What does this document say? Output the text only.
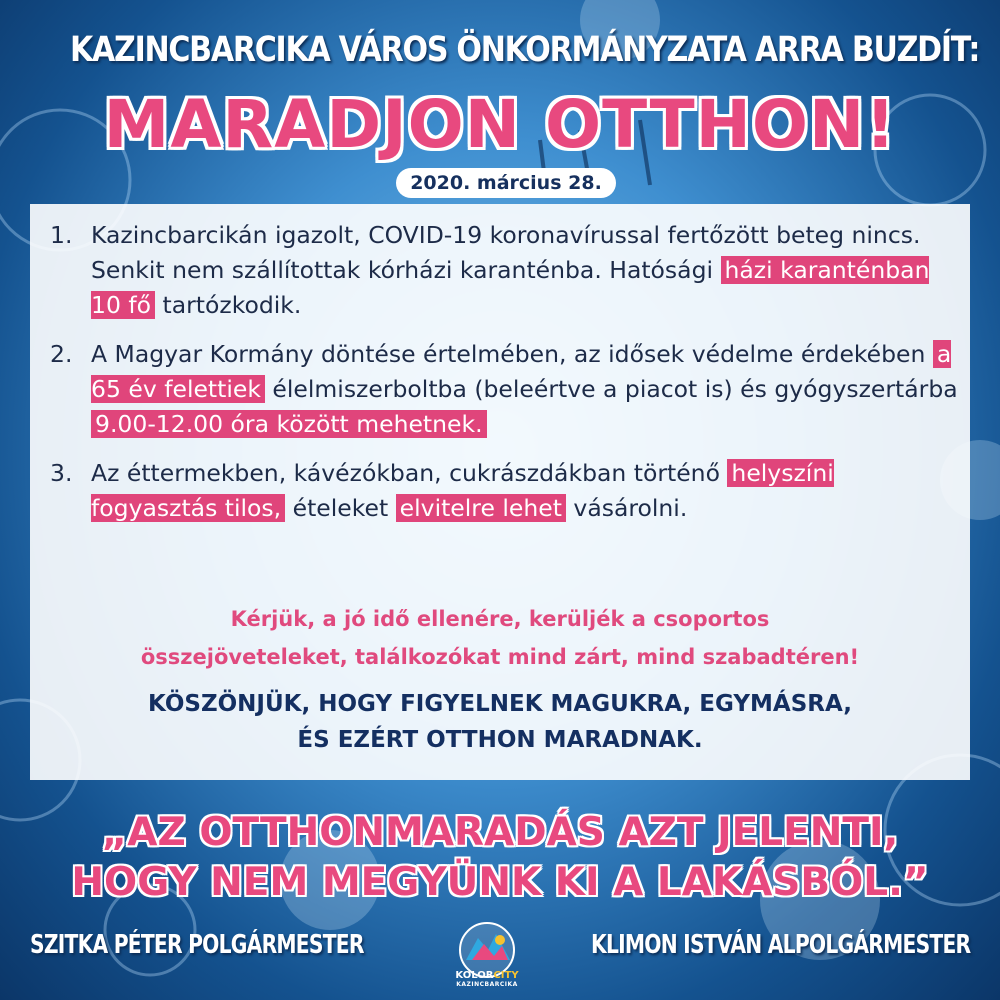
KAZINCBARCIKA VÁROS ÖNKORMÁNYZATA ARRA BUZDÍT:
MARADJON OTTHON!
2020. március 28.
1. Kazincbarcikán igazolt, COVID-19 koronavírussal fertőzött beteg nincs. Senkit nem szállítottak kórházi karanténba. Hatósági házi karanténban 10 fő tartózkodik.
2. A Magyar Kormány döntése értelmében, az idősek védelme érdekében a 65 év felettiek élelmiszerboltba (beleértve a piacot is) és gyógyszertárba 9.00-12.00 óra között mehetnek.
3. Az éttermekben, kávézókban, cukrászdákban történő helyszíni fogyasztás tilos, ételeket elvitelre lehet vásárolni.
Kérjük, a jó idő ellenére, kerüljék a csoportos
összejöveteleket, találkozókat mind zárt, mind szabadtéren!
KÖSZÖNJÜK, HOGY FIGYELNEK MAGUKRA, EGYMÁSRA,
ÉS EZÉRT OTTHON MARADNAK.
„AZ OTTHONMARADÁS AZT JELENTI,
HOGY NEM MEGYÜNK KI A LAKÁSBÓL.”
SZITKA PÉTER POLGÁRMESTER	KLIMON ISTVÁN ALPOLGÁRMESTER
KOLORCITY
KAZINCBARCIKA
